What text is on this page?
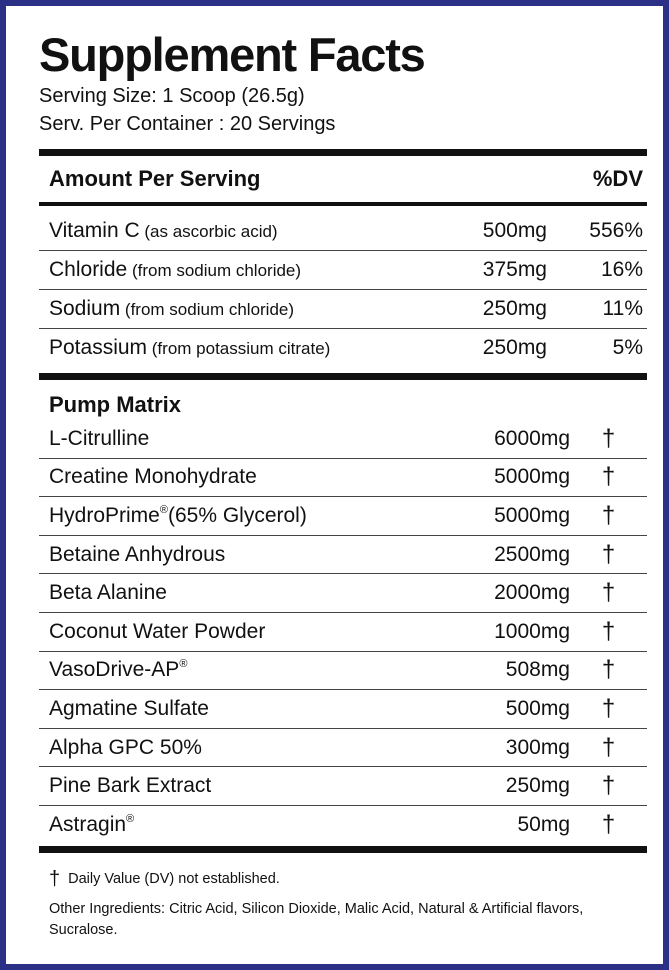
Supplement Facts
Serving Size: 1 Scoop (26.5g)
Serv. Per Container : 20 Servings
Amount Per Serving	%DV
Vitamin C (as ascorbic acid)	500mg	556%
Chloride (from sodium chloride)	375mg	16%
Sodium (from sodium chloride)	250mg	11%
Potassium (from potassium citrate)	250mg	5%
Pump Matrix
L-Citrulline	6000mg	†
Creatine Monohydrate	5000mg	†
HydroPrime®(65% Glycerol)	5000mg	†
Betaine Anhydrous	2500mg	†
Beta Alanine	2000mg	†
Coconut Water Powder	1000mg	†
VasoDrive-AP®	508mg	†
Agmatine Sulfate	500mg	†
Alpha GPC 50%	300mg	†
Pine Bark Extract	250mg	†
Astragin®	50mg	†
† Daily Value (DV) not established.
Other Ingredients: Citric Acid, Silicon Dioxide, Malic Acid, Natural & Artificial flavors, Sucralose.
